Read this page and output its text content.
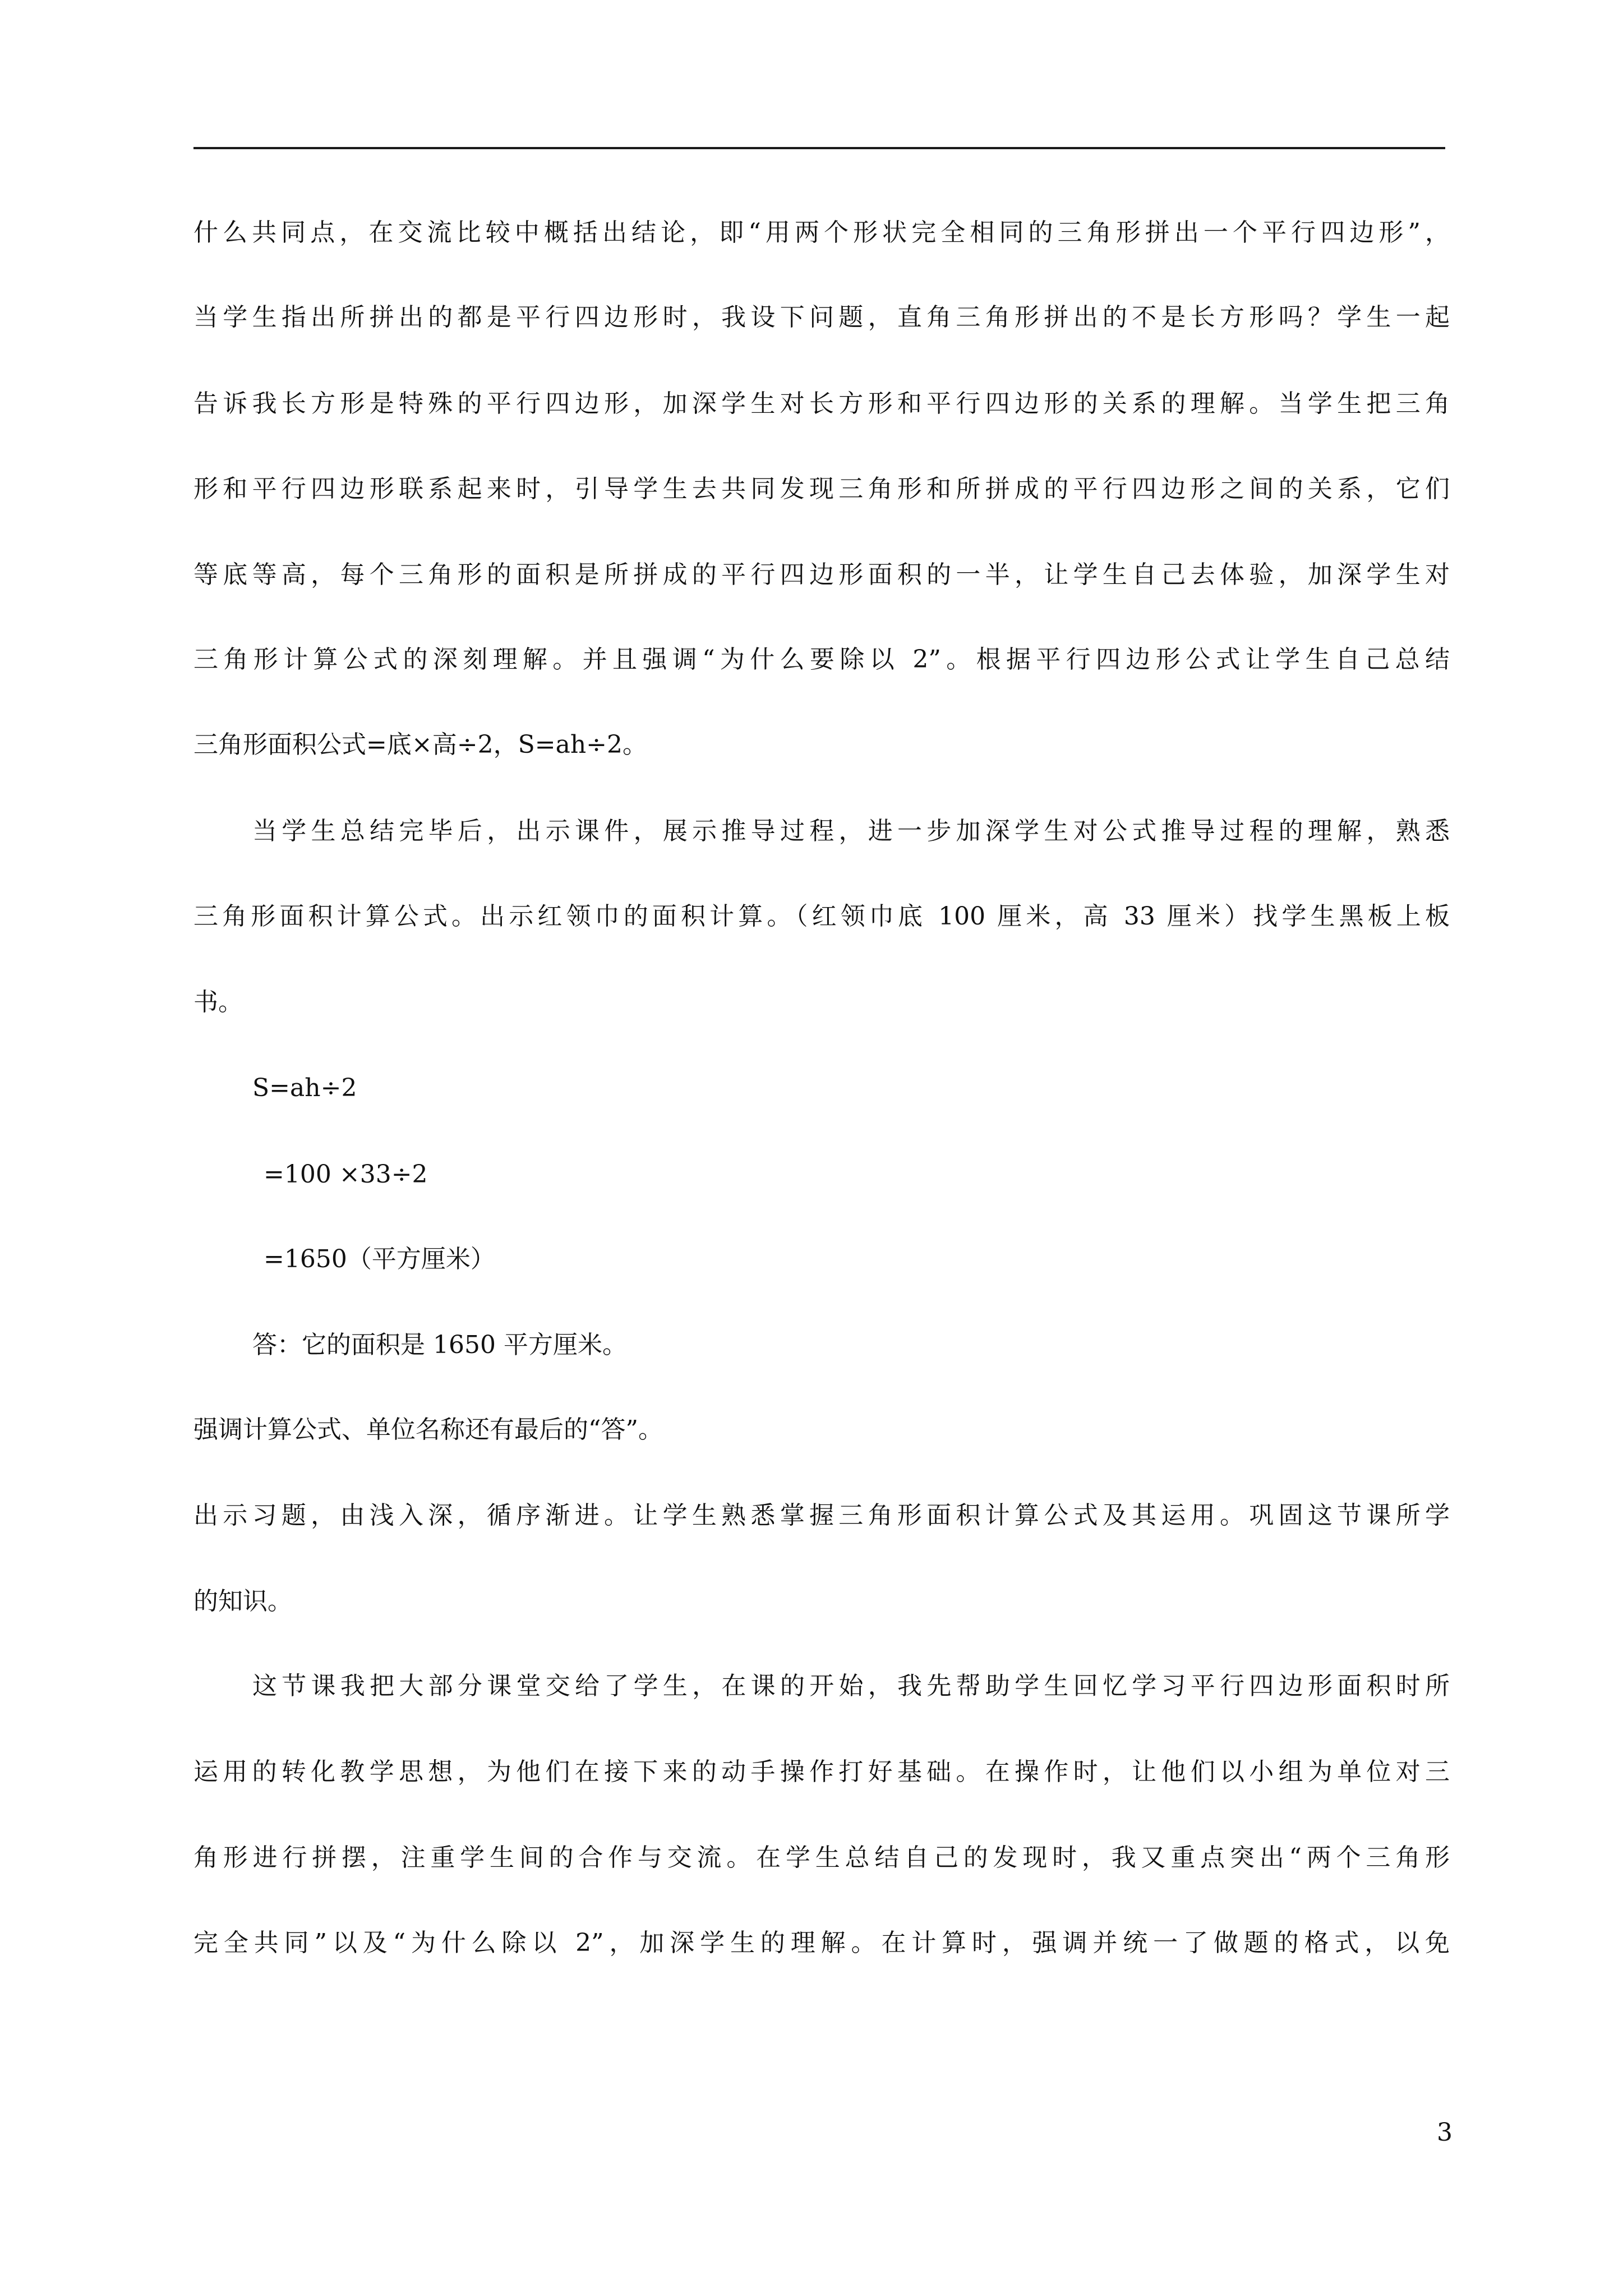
什么共同点，在交流比较中概括出结论，即“用两个形状完全相同的三角形拼出一个平行四边形”，

当学生指出所拼出的都是平行四边形时，我设下问题，直角三角形拼出的不是长方形吗？学生一起

告诉我长方形是特殊的平行四边形，加深学生对长方形和平行四边形的关系的理解。当学生把三角

形和平行四边形联系起来时，引导学生去共同发现三角形和所拼成的平行四边形之间的关系，它们

等底等高，每个三角形的面积是所拼成的平行四边形面积的一半，让学生自己去体验，加深学生对

三角形计算公式的深刻理解。并且强调“为什么要除以 2”。根据平行四边形公式让学生自己总结

三角形面积公式=底×高÷2，S=ah÷2。

当学生总结完毕后，出示课件，展示推导过程，进一步加深学生对公式推导过程的理解，熟悉

三角形面积计算公式。出示红领巾的面积计算。（红领巾底 100 厘米，高 33 厘米）找学生黑板上板

书。

S=ah÷2

=100 ×33÷2

=1650（平方厘米）

答：它的面积是 1650 平方厘米。

强调计算公式、单位名称还有最后的“答”。

出示习题，由浅入深，循序渐进。让学生熟悉掌握三角形面积计算公式及其运用。巩固这节课所学

的知识。

这节课我把大部分课堂交给了学生，在课的开始，我先帮助学生回忆学习平行四边形面积时所

运用的转化教学思想，为他们在接下来的动手操作打好基础。在操作时，让他们以小组为单位对三

角形进行拼摆，注重学生间的合作与交流。在学生总结自己的发现时，我又重点突出“两个三角形

完全共同”以及“为什么除以 2”，加深学生的理解。在计算时，强调并统一了做题的格式，以免

3
